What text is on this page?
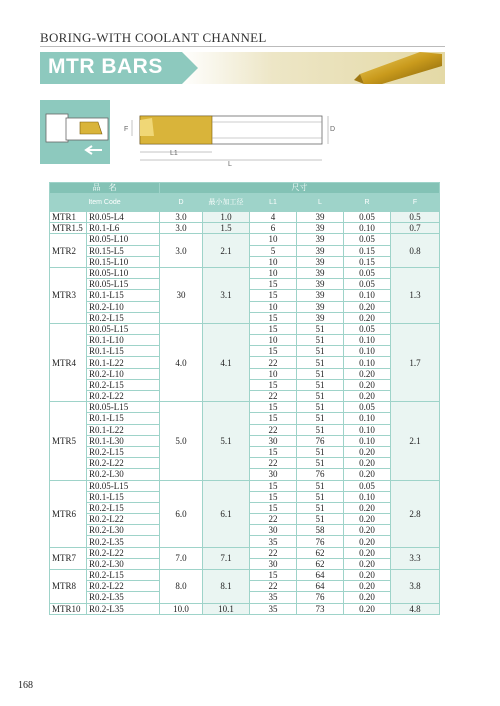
BORING-WITH COOLANT CHANNEL
MTR BARS
F	D
L1
L
品　名		尺寸					
Item Code		D	最小加工径	L1	L	R	F
MTR1	R0.05-L4	3.0	1.0	4	39	0.05	0.5
MTR1.5	R0.1-L6	3.0	1.5	6	39	0.10	0.7
MTR2	R0.05-L10	3.0	2.1	10	39	0.05	0.8
	R0.15-L5			5	39	0.15	
	R0.15-L10			10	39	0.15	
MTR3	R0.05-L10	30	3.1	10	39	0.05	1.3
	R0.05-L15			15	39	0.05	
	R0.1-L15			15	39	0.10	
	R0.2-L10			10	39	0.20	
	R0.2-L15			15	39	0.20	
MTR4	R0.05-L15	4.0	4.1	15	51	0.05	1.7
	R0.1-L10			10	51	0.10	
	R0.1-L15			15	51	0.10	
	R0.1-L22			22	51	0.10	
	R0.2-L10			10	51	0.20	
	R0.2-L15			15	51	0.20	
	R0.2-L22			22	51	0.20	
MTR5	R0.05-L15	5.0	5.1	15	51	0.05	2.1
	R0.1-L15			15	51	0.10	
	R0.1-L22			22	51	0.10	
	R0.1-L30			30	76	0.10	
	R0.2-L15			15	51	0.20	
	R0.2-L22			22	51	0.20	
	R0.2-L30			30	76	0.20	
MTR6	R0.05-L15	6.0	6.1	15	51	0.05	2.8
	R0.1-L15			15	51	0.10	
	R0.2-L15			15	51	0.20	
	R0.2-L22			22	51	0.20	
	R0.2-L30			30	58	0.20	
	R0.2-L35			35	76	0.20	
MTR7	R0.2-L22	7.0	7.1	22	62	0.20	3.3
	R0.2-L30			30	62	0.20	
MTR8	R0.2-L15	8.0	8.1	15	64	0.20	3.8
	R0.2-L22			22	64	0.20	
	R0.2-L35			35	76	0.20	
MTR10	R0.2-L35	10.0	10.1	35	73	0.20	4.8
168
